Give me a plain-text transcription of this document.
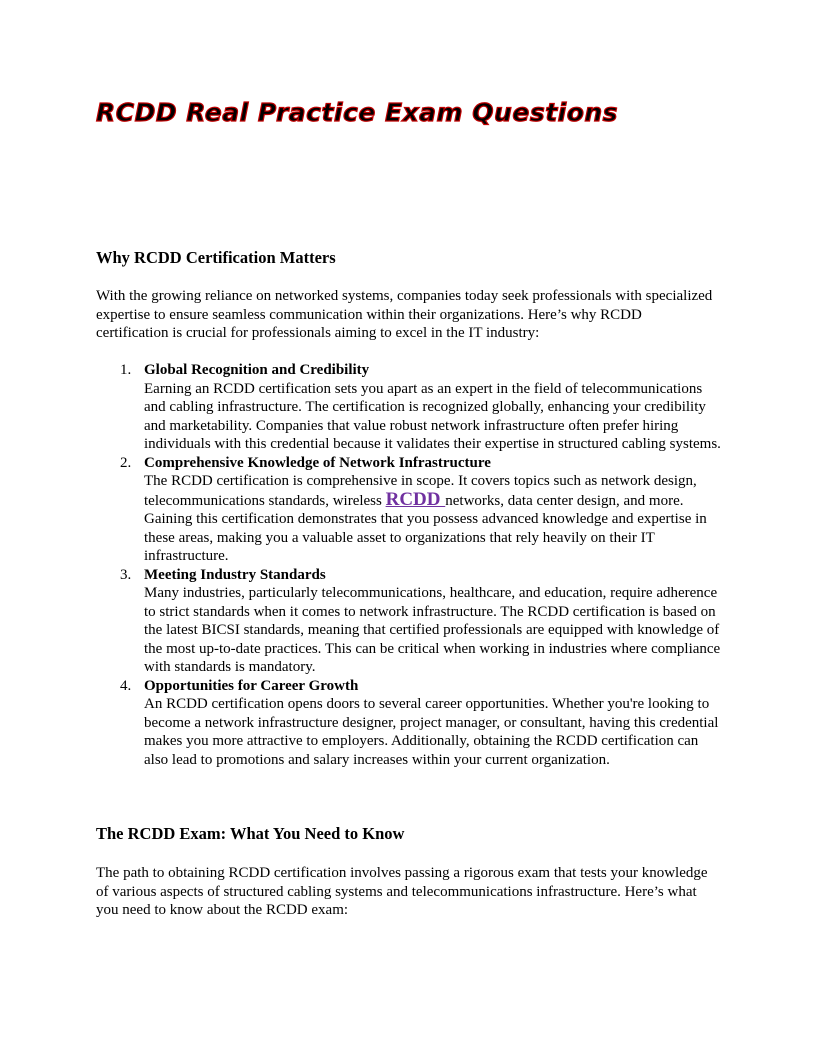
RCDD Real Practice Exam Questions
Why RCDD Certification Matters

With the growing reliance on networked systems, companies today seek professionals with specialized expertise to ensure seamless communication within their organizations. Here’s why RCDD certification is crucial for professionals aiming to excel in the IT industry:

1. Global Recognition and Credibility
Earning an RCDD certification sets you apart as an expert in the field of telecommunications and cabling infrastructure. The certification is recognized globally, enhancing your credibility and marketability. Companies that value robust network infrastructure often prefer hiring individuals with this credential because it validates their expertise in structured cabling systems.
2. Comprehensive Knowledge of Network Infrastructure
The RCDD certification is comprehensive in scope. It covers topics such as network design, telecommunications standards, wireless RCDD networks, data center design, and more. Gaining this certification demonstrates that you possess advanced knowledge and expertise in these areas, making you a valuable asset to organizations that rely heavily on their IT infrastructure.
3. Meeting Industry Standards
Many industries, particularly telecommunications, healthcare, and education, require adherence to strict standards when it comes to network infrastructure. The RCDD certification is based on the latest BICSI standards, meaning that certified professionals are equipped with knowledge of the most up-to-date practices. This can be critical when working in industries where compliance with standards is mandatory.
4. Opportunities for Career Growth
An RCDD certification opens doors to several career opportunities. Whether you're looking to become a network infrastructure designer, project manager, or consultant, having this credential makes you more attractive to employers. Additionally, obtaining the RCDD certification can also lead to promotions and salary increases within your current organization.
The RCDD Exam: What You Need to Know

The path to obtaining RCDD certification involves passing a rigorous exam that tests your knowledge of various aspects of structured cabling systems and telecommunications infrastructure. Here’s what you need to know about the RCDD exam:
